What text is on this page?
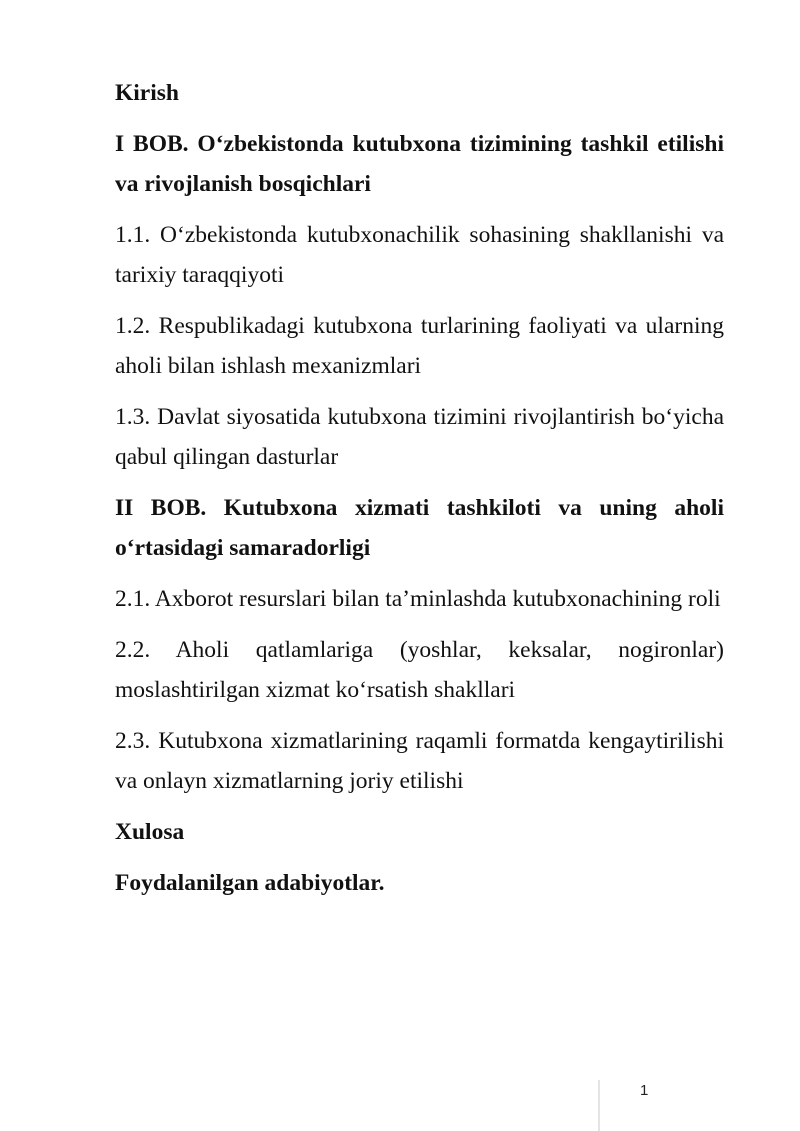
Kirish

I BOB. O‘zbekistonda kutubxona tizimining tashkil etilishi va rivojlanish bosqichlari

1.1. O‘zbekistonda kutubxonachilik sohasining shakllanishi va tarixiy taraqqiyoti

1.2. Respublikadagi kutubxona turlarining faoliyati va ularning aholi bilan ishlash mexanizmlari

1.3. Davlat siyosatida kutubxona tizimini rivojlantirish bo‘yicha qabul qilingan dasturlar

II BOB. Kutubxona xizmati tashkiloti va uning aholi o‘rtasidagi samaradorligi

2.1. Axborot resurslari bilan ta’minlashda kutubxonachining roli

2.2. Aholi qatlamlariga (yoshlar, keksalar, nogironlar) moslashtirilgan xizmat ko‘rsatish shakllari

2.3. Kutubxona xizmatlarining raqamli formatda kengaytirilishi va onlayn xizmatlarning joriy etilishi

Xulosa

Foydalanilgan adabiyotlar.

1
